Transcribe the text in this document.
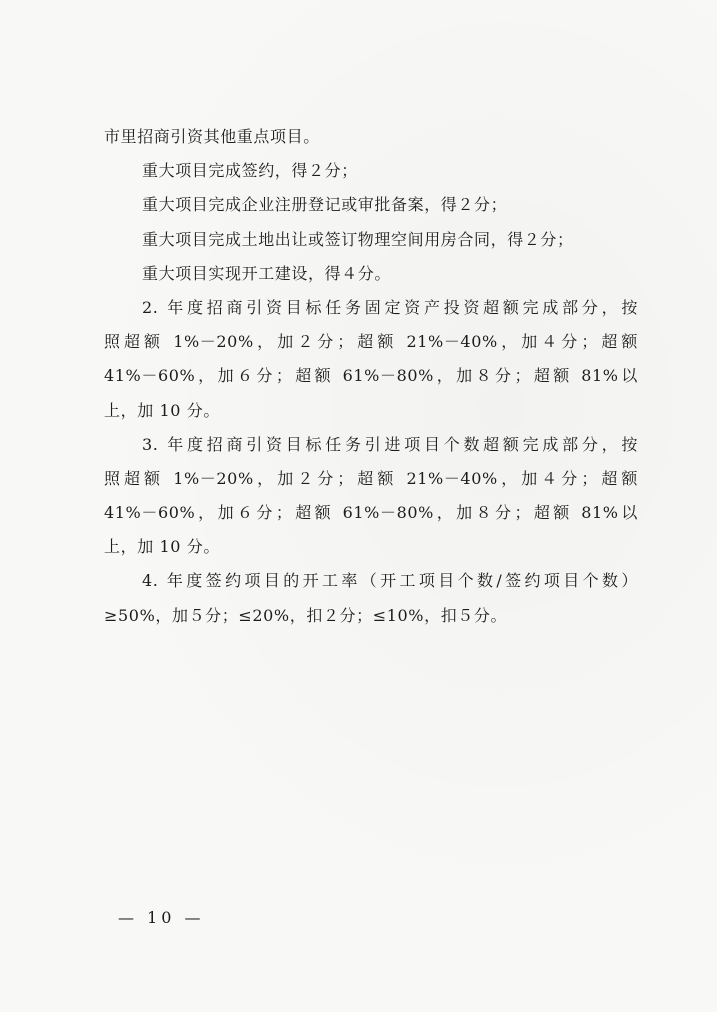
市里招商引资其他重点项目。
重大项目完成签约，得２分；
重大项目完成企业注册登记或审批备案，得２分；
重大项目完成土地出让或签订物理空间用房合同，得２分；
重大项目实现开工建设，得４分。
2. 年度招商引资目标任务固定资产投资超额完成部分，按
照超额 1%－20%，加２分；超额 21%－40%，加４分；超额
41%－60%，加６分；超额 61%－80%，加８分；超额 81%以
上，加 10 分。
3. 年度招商引资目标任务引进项目个数超额完成部分，按
照超额 1%－20%，加２分；超额 21%－40%，加４分；超额
41%－60%，加６分；超额 61%－80%，加８分；超额 81%以
上，加 10 分。
4. 年度签约项目的开工率（开工项目个数/签约项目个数）
≥50%，加５分；≤20%，扣２分；≤10%，扣５分。
— 10 —
